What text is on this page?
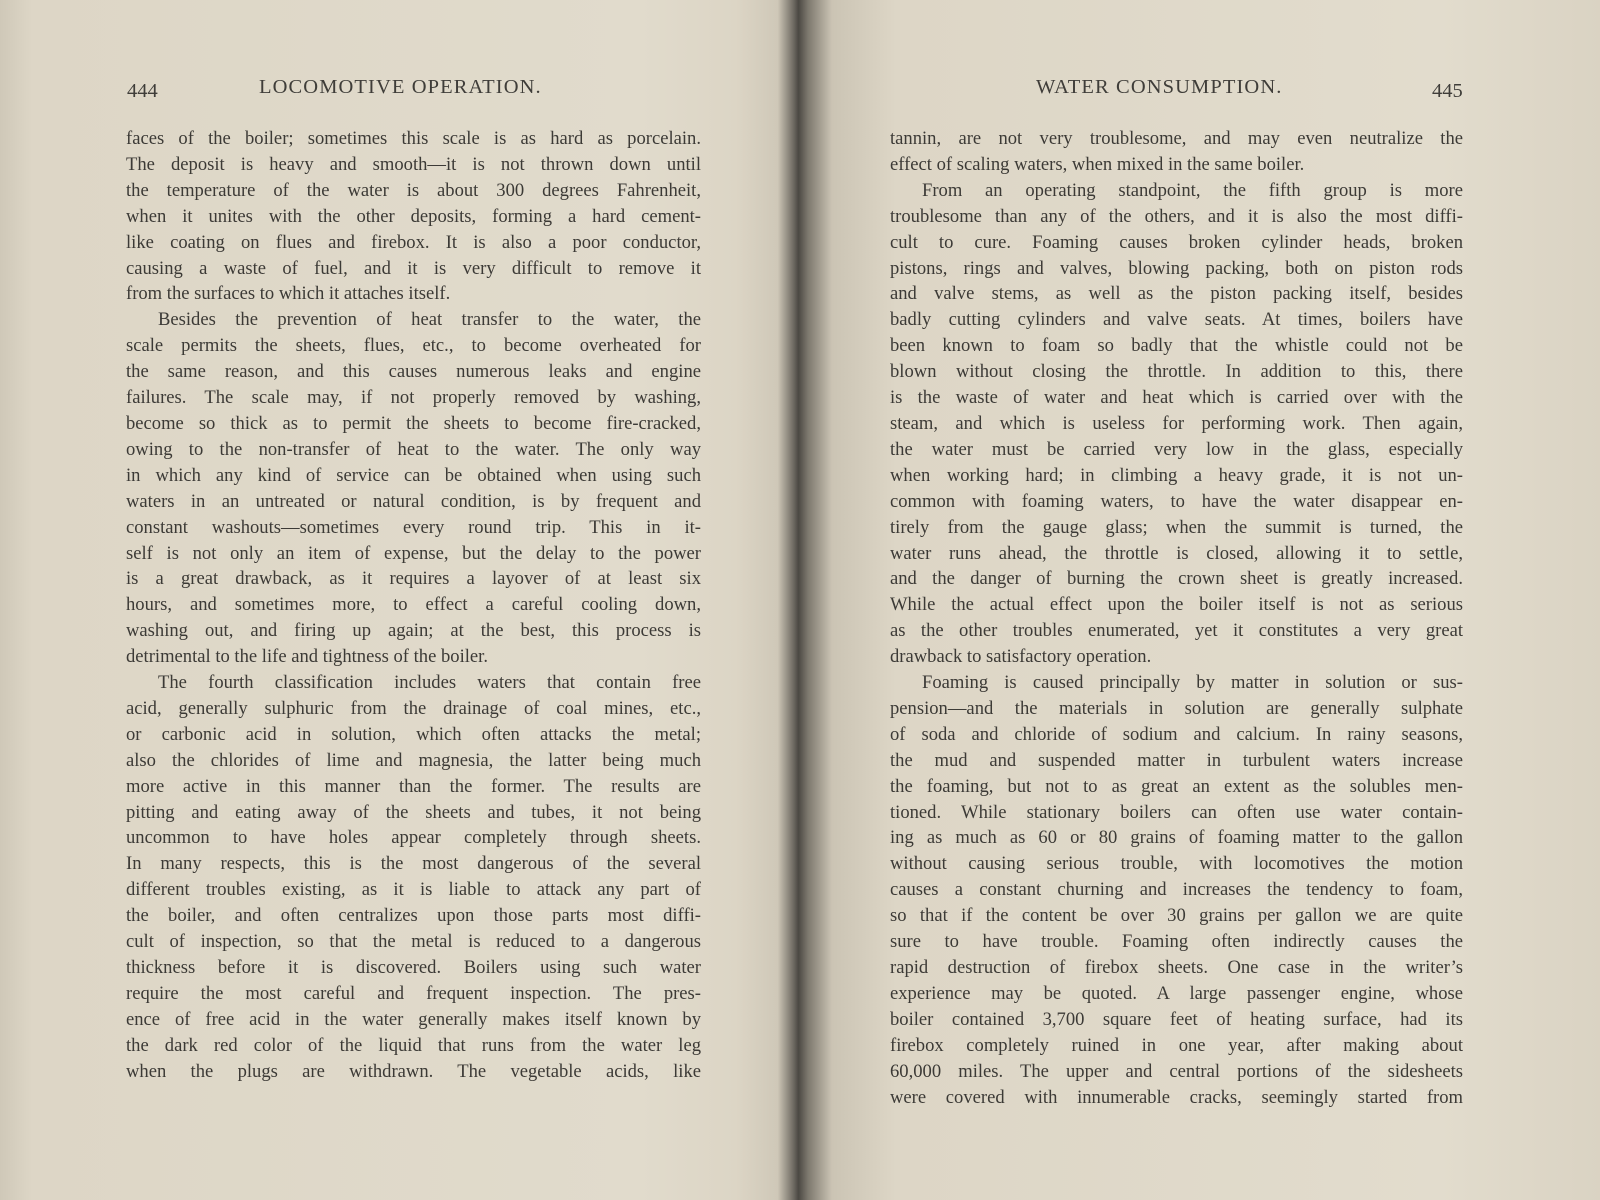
444	LOCOMOTIVE OPERATION.
faces of the boiler; sometimes this scale is as hard as porcelain.
The deposit is heavy and smooth—it is not thrown down until
the temperature of the water is about 300 degrees Fahrenheit,
when it unites with the other deposits, forming a hard cement-
like coating on flues and firebox. It is also a poor conductor,
causing a waste of fuel, and it is very difficult to remove it
from the surfaces to which it attaches itself.
Besides the prevention of heat transfer to the water, the
scale permits the sheets, flues, etc., to become overheated for
the same reason, and this causes numerous leaks and engine
failures. The scale may, if not properly removed by washing,
become so thick as to permit the sheets to become fire-cracked,
owing to the non-transfer of heat to the water. The only way
in which any kind of service can be obtained when using such
waters in an untreated or natural condition, is by frequent and
constant washouts—sometimes every round trip. This in it-
self is not only an item of expense, but the delay to the power
is a great drawback, as it requires a layover of at least six
hours, and sometimes more, to effect a careful cooling down,
washing out, and firing up again; at the best, this process is
detrimental to the life and tightness of the boiler.
The fourth classification includes waters that contain free
acid, generally sulphuric from the drainage of coal mines, etc.,
or carbonic acid in solution, which often attacks the metal;
also the chlorides of lime and magnesia, the latter being much
more active in this manner than the former. The results are
pitting and eating away of the sheets and tubes, it not being
uncommon to have holes appear completely through sheets.
In many respects, this is the most dangerous of the several
different troubles existing, as it is liable to attack any part of
the boiler, and often centralizes upon those parts most diffi-
cult of inspection, so that the metal is reduced to a dangerous
thickness before it is discovered. Boilers using such water
require the most careful and frequent inspection. The pres-
ence of free acid in the water generally makes itself known by
the dark red color of the liquid that runs from the water leg
when the plugs are withdrawn. The vegetable acids, like
WATER CONSUMPTION.	445
tannin, are not very troublesome, and may even neutralize the
effect of scaling waters, when mixed in the same boiler.
From an operating standpoint, the fifth group is more
troublesome than any of the others, and it is also the most diffi-
cult to cure. Foaming causes broken cylinder heads, broken
pistons, rings and valves, blowing packing, both on piston rods
and valve stems, as well as the piston packing itself, besides
badly cutting cylinders and valve seats. At times, boilers have
been known to foam so badly that the whistle could not be
blown without closing the throttle. In addition to this, there
is the waste of water and heat which is carried over with the
steam, and which is useless for performing work. Then again,
the water must be carried very low in the glass, especially
when working hard; in climbing a heavy grade, it is not un-
common with foaming waters, to have the water disappear en-
tirely from the gauge glass; when the summit is turned, the
water runs ahead, the throttle is closed, allowing it to settle,
and the danger of burning the crown sheet is greatly increased.
While the actual effect upon the boiler itself is not as serious
as the other troubles enumerated, yet it constitutes a very great
drawback to satisfactory operation.
Foaming is caused principally by matter in solution or sus-
pension—and the materials in solution are generally sulphate
of soda and chloride of sodium and calcium. In rainy seasons,
the mud and suspended matter in turbulent waters increase
the foaming, but not to as great an extent as the solubles men-
tioned. While stationary boilers can often use water contain-
ing as much as 60 or 80 grains of foaming matter to the gallon
without causing serious trouble, with locomotives the motion
causes a constant churning and increases the tendency to foam,
so that if the content be over 30 grains per gallon we are quite
sure to have trouble. Foaming often indirectly causes the
rapid destruction of firebox sheets. One case in the writer’s
experience may be quoted. A large passenger engine, whose
boiler contained 3,700 square feet of heating surface, had its
firebox completely ruined in one year, after making about
60,000 miles. The upper and central portions of the sidesheets
were covered with innumerable cracks, seemingly started from
